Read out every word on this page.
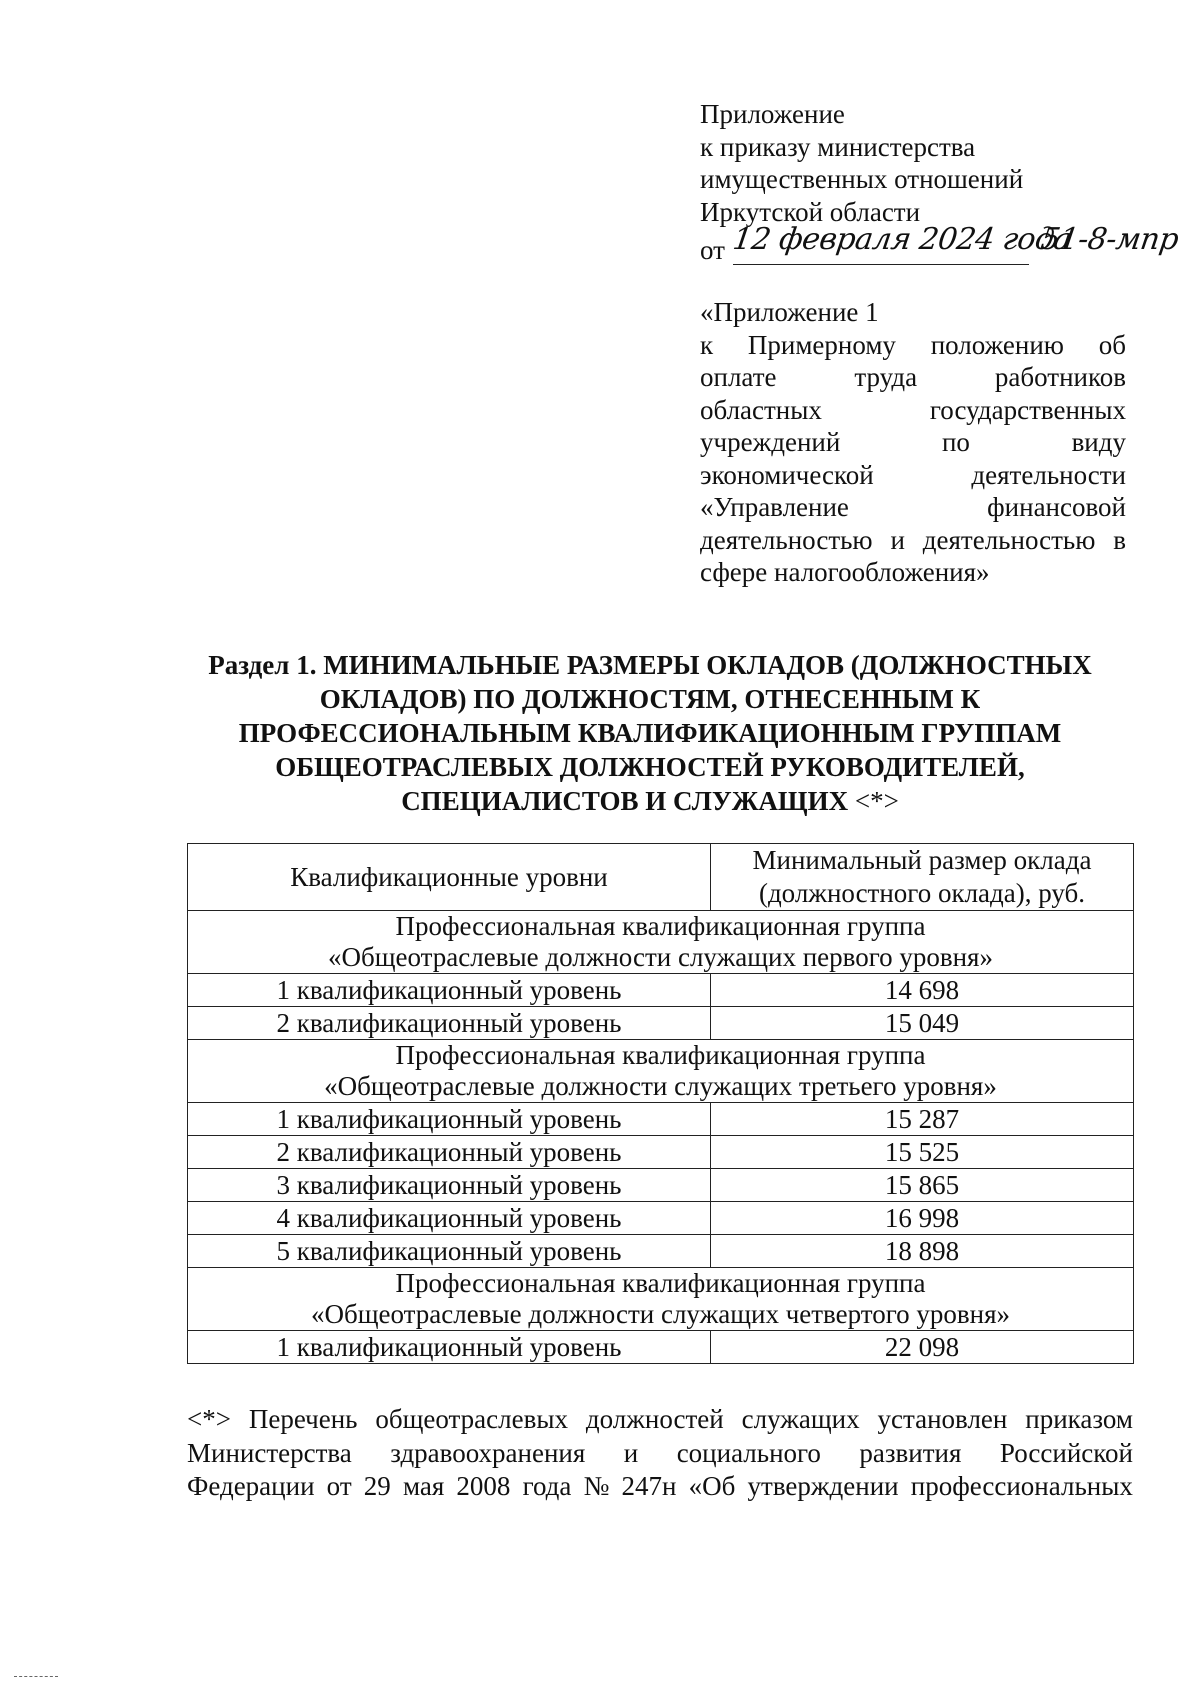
Приложение
к приказу министерства
имущественных отношений
Иркутской области
от 12 февраля 2024 года
51-8-мпр
«Приложение 1
к Примерному положению об
оплате	труда	работников
областных	государственных
учреждений	по	виду
экономической	деятельности
«Управление	финансовой
деятельностью и деятельностью в
сфере налогообложения»
Раздел 1. МИНИМАЛЬНЫЕ РАЗМЕРЫ ОКЛАДОВ (ДОЛЖНОСТНЫХ
ОКЛАДОВ) ПО ДОЛЖНОСТЯМ, ОТНЕСЕННЫМ К
ПРОФЕССИОНАЛЬНЫМ КВАЛИФИКАЦИОННЫМ ГРУППАМ
ОБЩЕОТРАСЛЕВЫХ ДОЛЖНОСТЕЙ РУКОВОДИТЕЛЕЙ,
СПЕЦИАЛИСТОВ И СЛУЖАЩИХ <*>
Квалификационные уровни	Минимальный размер оклада
(должностного оклада), руб.

Профессиональная квалификационная группа
«Общеотраслевые должности служащих первого уровня»	

1 квалификационный уровень	14 698
2 квалификационный уровень	15 049

Профессиональная квалификационная группа
«Общеотраслевые должности служащих третьего уровня»	

1 квалификационный уровень	15 287
2 квалификационный уровень	15 525
3 квалификационный уровень	15 865
4 квалификационный уровень	16 998
5 квалификационный уровень	18 898

Профессиональная квалификационная группа
«Общеотраслевые должности служащих четвертого уровня»	

1 квалификационный уровень	22 098
<*> Перечень общеотраслевых должностей служащих установлен приказом
Министерства здравоохранения и социального развития Российской
Федерации от 29 мая 2008 года № 247н «Об утверждении профессиональных
